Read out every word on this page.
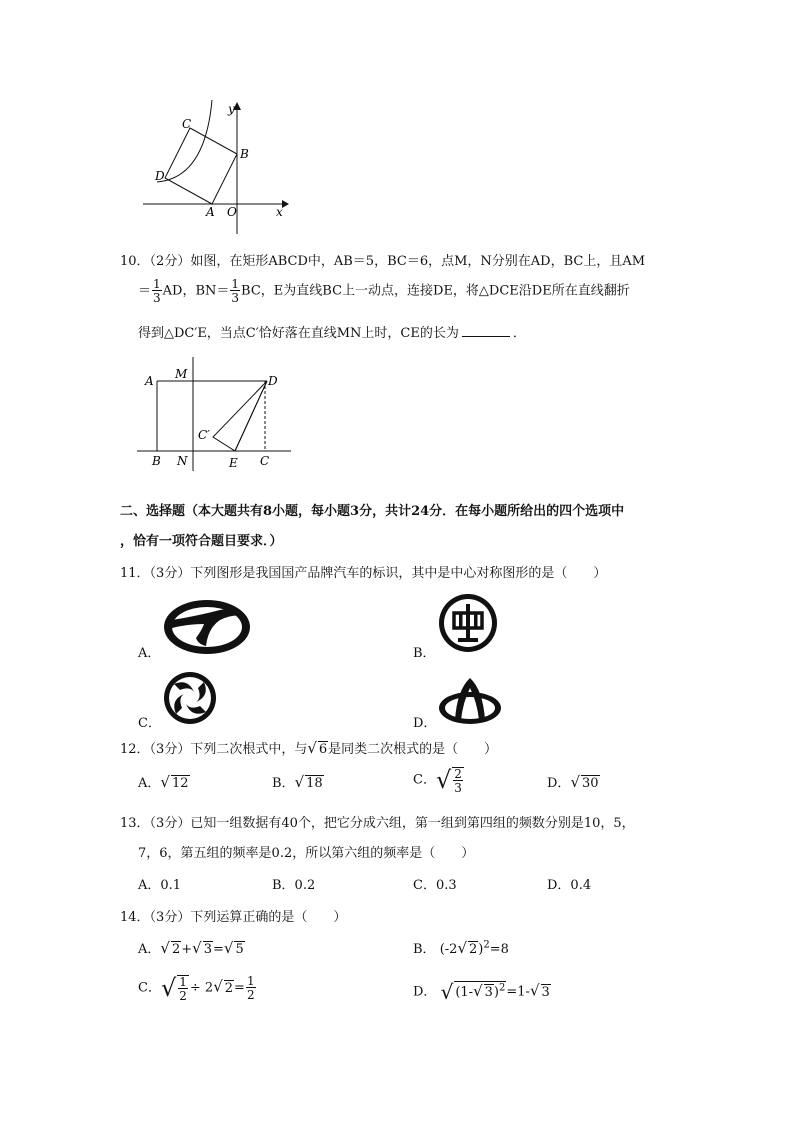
y
x
O
A
B
C
D
10．（2分）如图，在矩形ABCD中，AB＝5，BC＝6，点M，N分别在AD，BC上，且AM
＝ $\frac{1}{3}$ AD，$BN= \frac{1}{3}$ BC，E为直线BC上一动点，连接DE，将△DCE沿DE所在直线翻折
得到△DC′E，当点C′恰好落在直线MN上时，CE的长为	．
A M	D
C′
B N	E C
二、选择题（本大题共有8小题，每小题3分，共计24分．在每小题所给出的四个选项中
，恰有一项符合题目要求．）
11．（3分）下列图形是我国国产品牌汽车的标识，其中是中心对称图形的是（　　）
A．	B．
C．	D．
12．（3分）下列二次根式中，与√ 6是同类二次根式的是（　　）
A．√ 12	B．√ 18	C．√ $\frac{2}{3}$	D．√ 30
13．（3分）已知一组数据有40个，把它分成六组，第一组到第四组的频数分别是10，5，
7，6，第五组的频率是0.2，所以第六组的频率是（　　）
A．0.1	B．0.2	C．0.3	D．0.4
14．（3分）下列运算正确的是（　　）
A．√ 2+√ 3=√ 5	B． (-2√ 2)$^2$=8
C．√ $\frac{1}{2} \div 2√$ $2= \frac{1}{2}$	D． √ (1-√ 3)$^2$=1-√ 3
